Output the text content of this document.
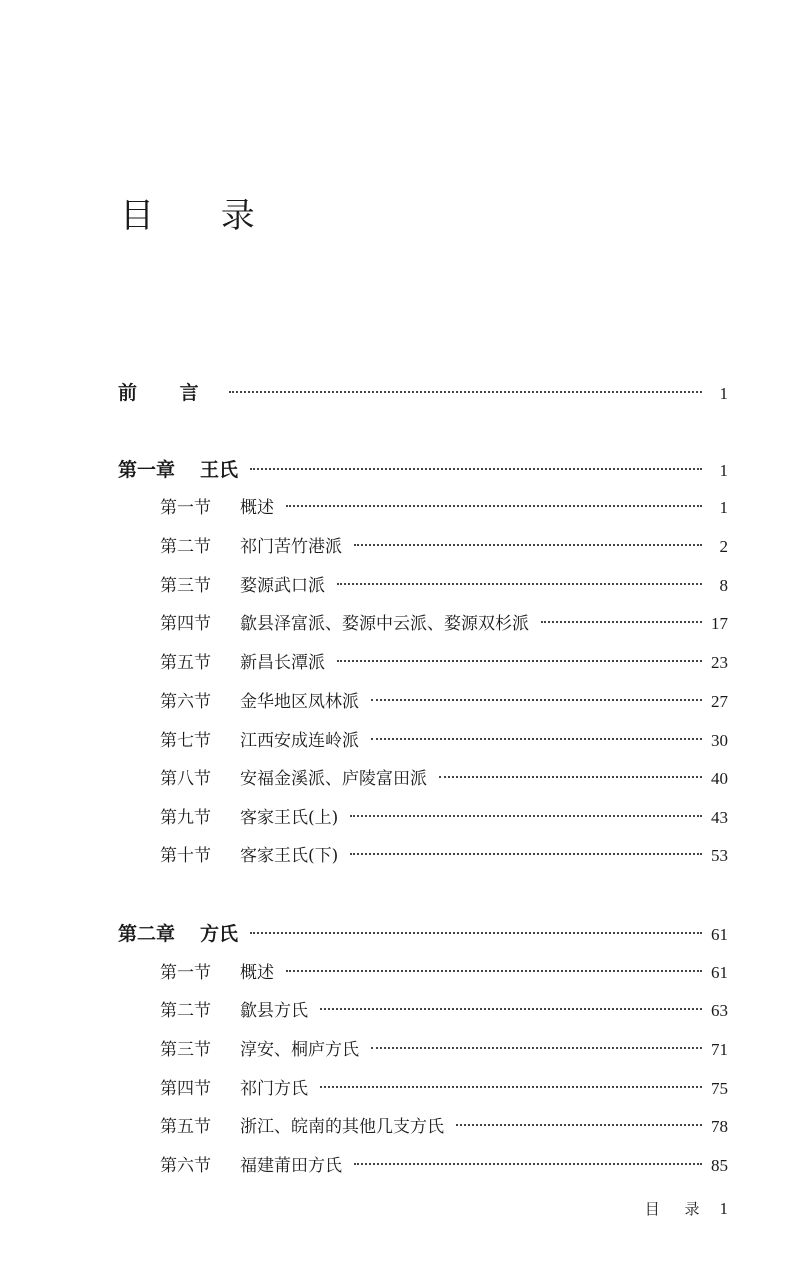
目 录
前 言	1
第一章	王氏	1
第一节	概述	1
第二节	祁门苦竹港派	2
第三节	婺源武口派	8
第四节	歙县泽富派、婺源中云派、婺源双杉派	17
第五节	新昌长潭派	23
第六节	金华地区凤林派	27
第七节	江西安成连岭派	30
第八节	安福金溪派、庐陵富田派	40
第九节	客家王氏(上)	43
第十节	客家王氏(下)	53
第二章	方氏	61
第一节	概述	61
第二节	歙县方氏	63
第三节	淳安、桐庐方氏	71
第四节	祁门方氏	75
第五节	浙江、皖南的其他几支方氏	78
第六节	福建莆田方氏	85
目 录 1
